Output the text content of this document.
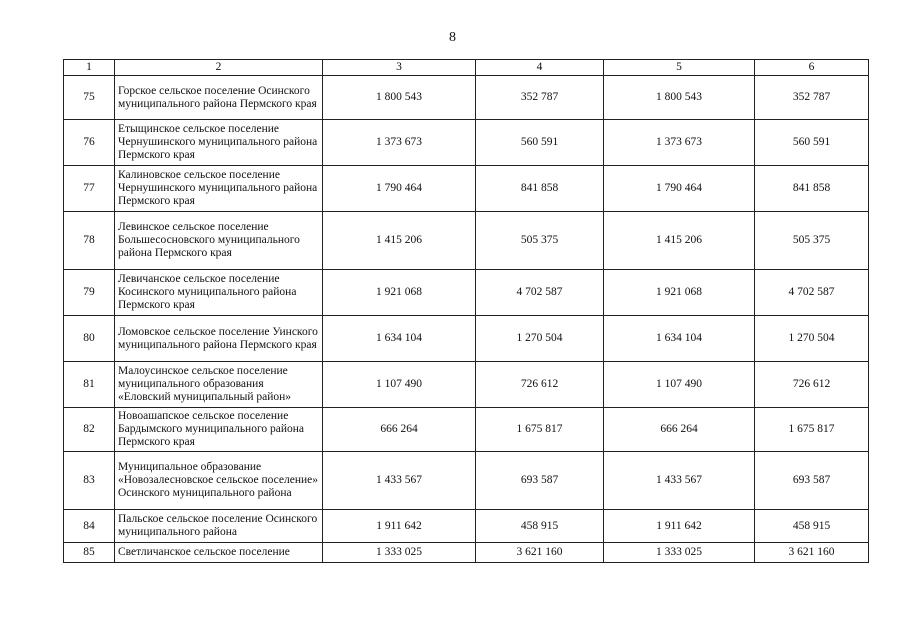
8
1	2	3	4	5	6
75	Горское сельское поселение Осинского муниципального района Пермского края	1 800 543	352 787	1 800 543	352 787
76	Етыщинское сельское поселение Чернушинского муниципального района Пермского края	1 373 673	560 591	1 373 673	560 591
77	Калиновское сельское поселение Чернушинского муниципального района Пермского края	1 790 464	841 858	1 790 464	841 858
78	Левинское сельское поселение Большесосновского муниципального района Пермского края	1 415 206	505 375	1 415 206	505 375
79	Левичанское сельское поселение Косинского муниципального района Пермского края	1 921 068	4 702 587	1 921 068	4 702 587
80	Ломовское сельское поселение Уинского муниципального района Пермского края	1 634 104	1 270 504	1 634 104	1 270 504
81	Малоусинское сельское поселение муниципального образования «Еловский муниципальный район»	1 107 490	726 612	1 107 490	726 612
82	Новоашапское сельское поселение Бардымского муниципального района Пермского края	666 264	1 675 817	666 264	1 675 817
83	Муниципальное образование «Новозалесновское сельское поселение» Осинского муниципального района	1 433 567	693 587	1 433 567	693 587
84	Пальское сельское поселение Осинского муниципального района	1 911 642	458 915	1 911 642	458 915
85	Светличанское сельское поселение	1 333 025	3 621 160	1 333 025	3 621 160
